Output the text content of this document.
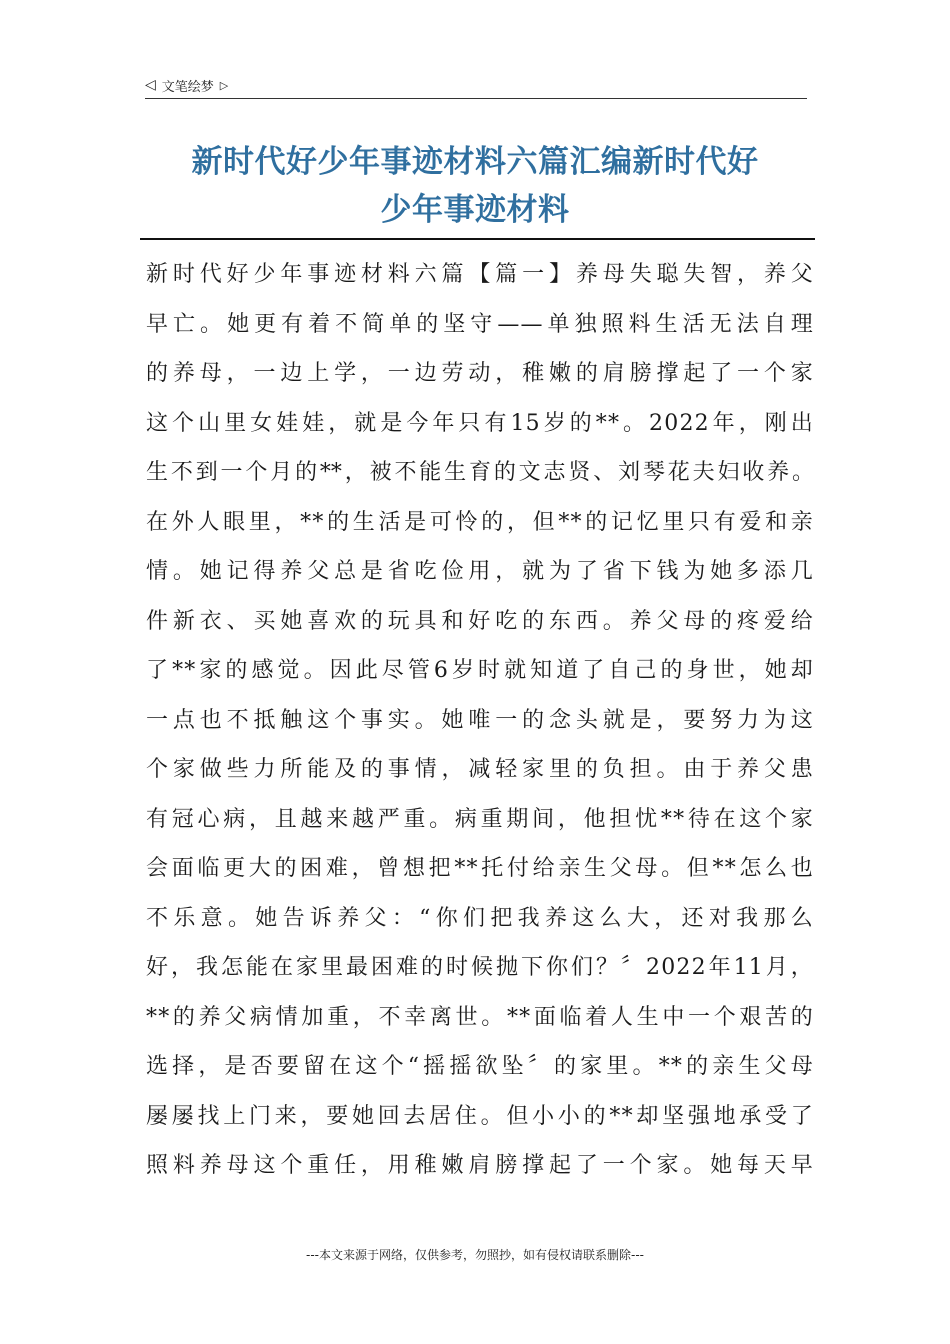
◁ 文笔绘梦 ▷
新时代好少年事迹材料六篇汇编新时代好
少年事迹材料
新时代好少年事迹材料六篇【篇一】养母失聪失智，养父
早亡。她更有着不简单的坚守——单独照料生活无法自理
的养母，一边上学，一边劳动，稚嫩的肩膀撑起了一个家
这个山里女娃娃，就是今年只有15岁的**。2022年，刚出
生不到一个月的**，被不能生育的文志贤、刘琴花夫妇收养。
在外人眼里，**的生活是可怜的，但**的记忆里只有爱和亲
情。她记得养父总是省吃俭用，就为了省下钱为她多添几
件新衣、买她喜欢的玩具和好吃的东西。养父母的疼爱给
了**家的感觉。因此尽管6岁时就知道了自己的身世，她却
一点也不抵触这个事实。她唯一的念头就是，要努力为这
个家做些力所能及的事情，减轻家里的负担。由于养父患
有冠心病，且越来越严重。病重期间，他担忧**待在这个家
会面临更大的困难，曾想把**托付给亲生父母。但**怎么也
不乐意。她告诉养父：“你们把我养这么大，还对我那么
好，我怎能在家里最困难的时候抛下你们？〞2022年11月，
**的养父病情加重，不幸离世。**面临着人生中一个艰苦的
选择，是否要留在这个“摇摇欲坠〞的家里。**的亲生父母
屡屡找上门来，要她回去居住。但小小的**却坚强地承受了
照料养母这个重任，用稚嫩肩膀撑起了一个家。她每天早
---本文来源于网络，仅供参考，勿照抄，如有侵权请联系删除---
